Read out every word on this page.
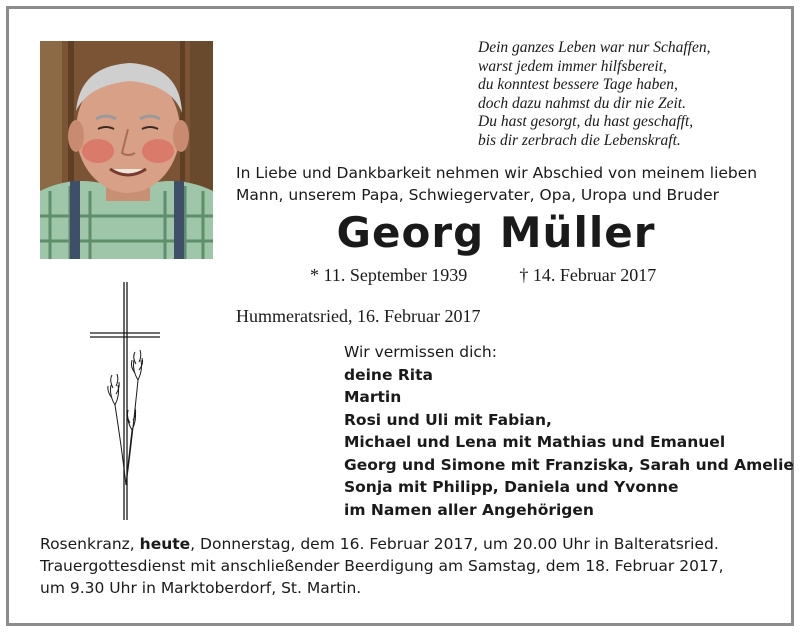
Dein ganzes Leben war nur Schaffen,
warst jedem immer hilfsbereit,
du konntest bessere Tage haben,
doch dazu nahmst du dir nie Zeit.
Du hast gesorgt, du hast geschafft,
bis dir zerbrach die Lebenskraft.
In Liebe und Dankbarkeit nehmen wir Abschied von meinem lieben
Mann, unserem Papa, Schwiegervater, Opa, Uropa und Bruder
Georg Müller
* 11. September 1939	† 14. Februar 2017
Hummeratsried, 16. Februar 2017
Wir vermissen dich:
deine Rita
Martin
Rosi und Uli mit Fabian,
Michael und Lena mit Mathias und Emanuel
Georg und Simone mit Franziska, Sarah und Amelie
Sonja mit Philipp, Daniela und Yvonne
im Namen aller Angehörigen
Rosenkranz, heute, Donnerstag, dem 16. Februar 2017, um 20.00 Uhr in Balteratsried.
Trauergottesdienst mit anschließender Beerdigung am Samstag, dem 18. Februar 2017,
um 9.30 Uhr in Marktoberdorf, St. Martin.
